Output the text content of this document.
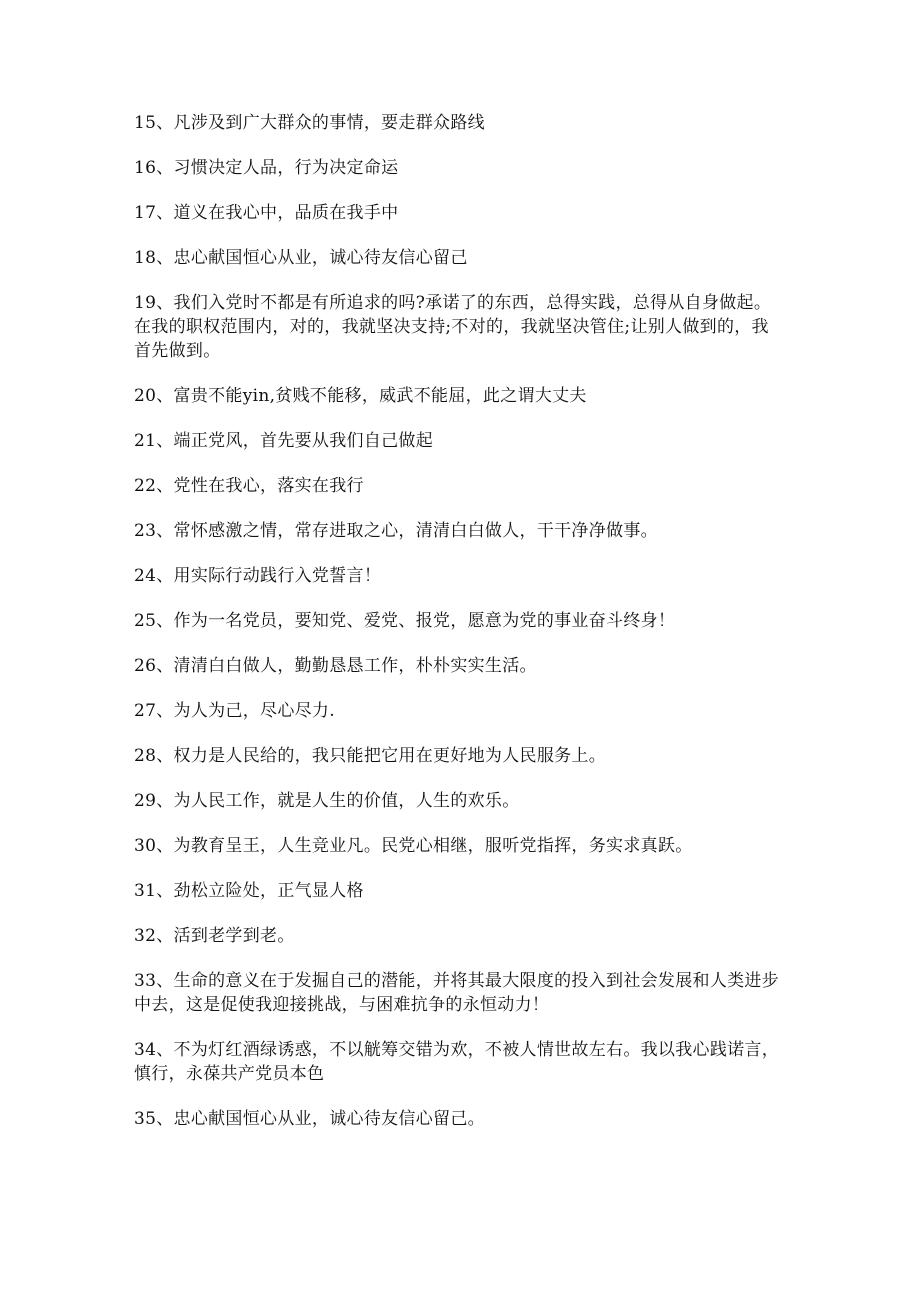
15、凡涉及到广大群众的事情，要走群众路线

16、习惯决定人品，行为决定命运

17、道义在我心中，品质在我手中

18、忠心献国恒心从业，诚心待友信心留己

19、我们入党时不都是有所追求的吗?承诺了的东西，总得实践，总得从自身做起。在我的职权范围内，对的，我就坚决支持;不对的，我就坚决管住;让别人做到的，我首先做到。

20、富贵不能yin,贫贱不能移，威武不能屈，此之谓大丈夫

21、端正党风，首先要从我们自己做起

22、党性在我心，落实在我行

23、常怀感激之情，常存进取之心，清清白白做人，干干净净做事。

24、用实际行动践行入党誓言！

25、作为一名党员，要知党、爱党、报党，愿意为党的事业奋斗终身！

26、清清白白做人，勤勤恳恳工作，朴朴实实生活。

27、为人为己，尽心尽力.

28、权力是人民给的，我只能把它用在更好地为人民服务上。

29、为人民工作，就是人生的价值，人生的欢乐。

30、为教育呈王，人生竞业凡。民党心相继，服听党指挥，务实求真跃。

31、劲松立险处，正气显人格

32、活到老学到老。

33、生命的意义在于发掘自己的潜能，并将其最大限度的投入到社会发展和人类进步中去，这是促使我迎接挑战，与困难抗争的永恒动力！

34、不为灯红酒绿诱惑，不以觥筹交错为欢，不被人情世故左右。我以我心践诺言，慎行，永葆共产党员本色

35、忠心献国恒心从业，诚心待友信心留己。
